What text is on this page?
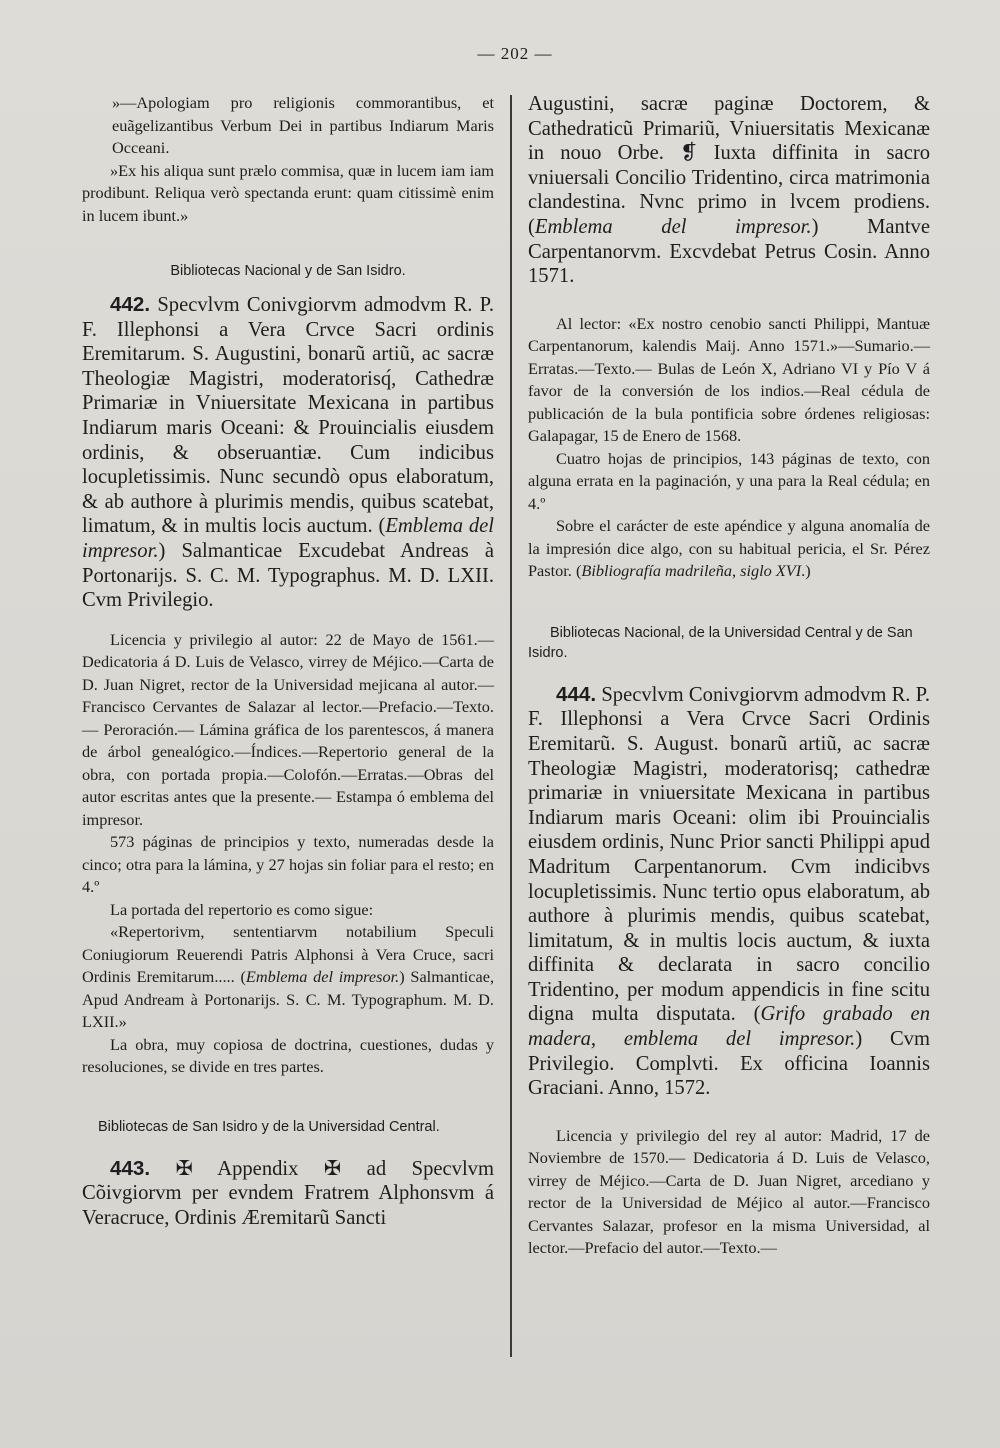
— 202 —

»—Apologiam pro religionis commorantibus, et euãgelizantibus Verbum Dei in partibus Indiarum Maris Occeani.

»Ex his aliqua sunt prælo commisa, quæ in lucem iam iam prodibunt. Reliqua verò spectanda erunt: quam citissimè enim in lucem ibunt.»

Bibliotecas Nacional y de San Isidro.

442. Specvlvm Conivgiorvm admodvm R. P. F. Illephonsi a Vera Crvce Sacri ordinis Eremitarum. S. Augustini, bonarũ artiũ, ac sacræ Theologiæ Magistri, moderatorisq́, Cathedræ Primariæ in Vniuersitate Mexicana in partibus Indiarum maris Oceani: & Prouincialis eiusdem ordinis, & obseruantiæ. Cum indicibus locupletissimis. Nunc secundò opus elaboratum, & ab authore à plurimis mendis, quibus scatebat, limatum, & in multis locis auctum. (Emblema del impresor.) Salmanticae Excudebat Andreas à Portonarijs. S. C. M. Typographus. M. D. LXII. Cvm Privilegio.

Licencia y privilegio al autor: 22 de Mayo de 1561.—Dedicatoria á D. Luis de Velasco, virrey de Méjico.—Carta de D. Juan Nigret, rector de la Universidad mejicana al autor.—Francisco Cervantes de Salazar al lector.—Prefacio.—Texto.— Peroración.— Lámina gráfica de los parentescos, á manera de árbol genealógico.—Índices.—Repertorio general de la obra, con portada propia.—Colofón.—Erratas.—Obras del autor escritas antes que la presente.— Estampa ó emblema del impresor.

573 páginas de principios y texto, numeradas desde la cinco; otra para la lámina, y 27 hojas sin foliar para el resto; en 4.º

La portada del repertorio es como sigue:

«Repertorivm, sententiarvm notabilium Speculi Coniugiorum Reuerendi Patris Alphonsi à Vera Cruce, sacri Ordinis Eremitarum..... (Emblema del impresor.) Salmanticae, Apud Andream à Portonarijs. S. C. M. Typographum. M. D. LXII.»

La obra, muy copiosa de doctrina, cuestiones, dudas y resoluciones, se divide en tres partes.

Bibliotecas de San Isidro y de la Universidad Central.

443. ✠ Appendix ✠ ad Specvlvm Cõivgiorvm per evndem Fratrem Alphonsvm á Veracruce, Ordinis Æremitarũ Sancti

Augustini, sacræ paginæ Doctorem, & Cathedraticũ Primariũ, Vniuersitatis Mexicanæ in nouo Orbe. ❡ Iuxta diffinita in sacro vniuersali Concilio Tridentino, circa matrimonia clandestina. Nvnc primo in lvcem prodiens. (Emblema del impresor.) Mantve Carpentanorvm. Excvdebat Petrus Cosin. Anno 1571.

Al lector: «Ex nostro cenobio sancti Philippi, Mantuæ Carpentanorum, kalendis Maij. Anno 1571.»—Sumario.— Erratas.—Texto.— Bulas de León X, Adriano VI y Pío V á favor de la conversión de los indios.—Real cédula de publicación de la bula pontificia sobre órdenes religiosas: Galapagar, 15 de Enero de 1568.

Cuatro hojas de principios, 143 páginas de texto, con alguna errata en la paginación, y una para la Real cédula; en 4.º

Sobre el carácter de este apéndice y alguna anomalía de la impresión dice algo, con su habitual pericia, el Sr. Pérez Pastor. (Bibliografía madrileña, siglo XVI.)

Bibliotecas Nacional, de la Universidad Central y de San Isidro.

444. Specvlvm Conivgiorvm admodvm R. P. F. Illephonsi a Vera Crvce Sacri Ordinis Eremitarũ. S. August. bonarũ artiũ, ac sacræ Theologiæ Magistri, moderatorisq; cathedræ primariæ in vniuersitate Mexicana in partibus Indiarum maris Oceani: olim ibi Prouincialis eiusdem ordinis, Nunc Prior sancti Philippi apud Madritum Carpentanorum. Cvm indicibvs locupletissimis. Nunc tertio opus elaboratum, ab authore à plurimis mendis, quibus scatebat, limitatum, & in multis locis auctum, & iuxta diffinita & declarata in sacro concilio Tridentino, per modum appendicis in fine scitu digna multa disputata. (Grifo grabado en madera, emblema del impresor.) Cvm Privilegio. Complvti. Ex officina Ioannis Graciani. Anno, 1572.

Licencia y privilegio del rey al autor: Madrid, 17 de Noviembre de 1570.— Dedicatoria á D. Luis de Velasco, virrey de Méjico.—Carta de D. Juan Nigret, arcediano y rector de la Universidad de Méjico al autor.—Francisco Cervantes Salazar, profesor en la misma Universidad, al lector.—Prefacio del autor.—Texto.—
